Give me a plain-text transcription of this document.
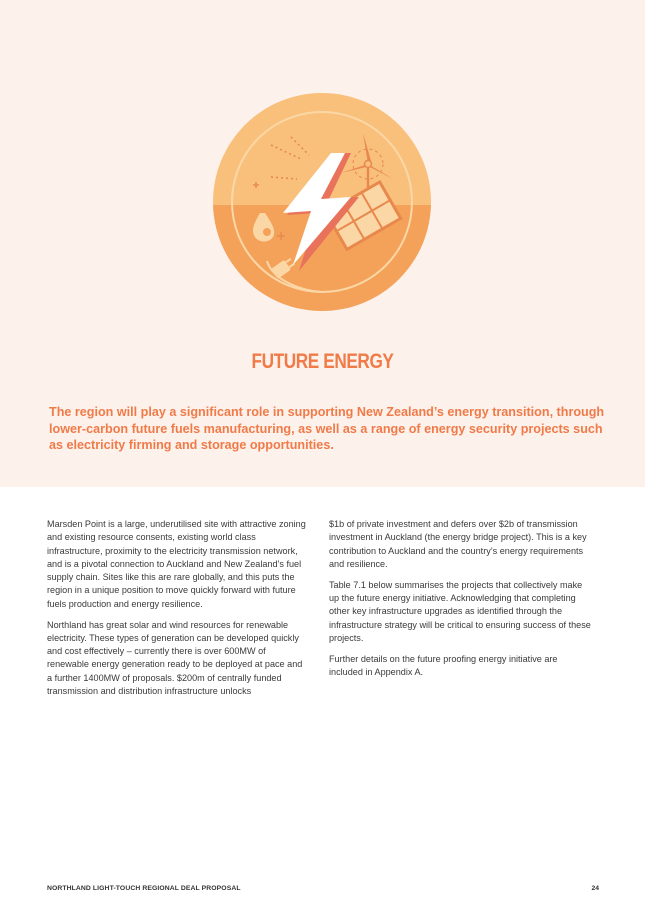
FUTURE ENERGY
The region will play a significant role in supporting New Zealand’s energy transition, through lower-carbon future fuels manufacturing, as well as a range of energy security projects such as electricity firming and storage opportunities.

Marsden Point is a large, underutilised site with attractive zoning and existing resource consents, existing world class infrastructure, proximity to the electricity transmission network, and is a pivotal connection to Auckland and New Zealand’s fuel supply chain. Sites like this are rare globally, and this puts the region in a unique position to move quickly forward with future fuels production and energy resilience.

Northland has great solar and wind resources for renewable electricity. These types of generation can be developed quickly and cost effectively – currently there is over 600MW of renewable energy generation ready to be deployed at pace and a further 1400MW of proposals. $200m of centrally funded transmission and distribution infrastructure unlocks

$1b of private investment and defers over $2b of transmission investment in Auckland (the energy bridge project). This is a key contribution to Auckland and the country’s energy requirements and resilience.

Table 7.1 below summarises the projects that collectively make up the future energy initiative. Acknowledging that completing other key infrastructure upgrades as identified through the infrastructure strategy will be critical to ensuring success of these projects.

Further details on the future proofing energy initiative are included in Appendix A.

NORTHLAND LIGHT-TOUCH REGIONAL DEAL PROPOSAL	24
